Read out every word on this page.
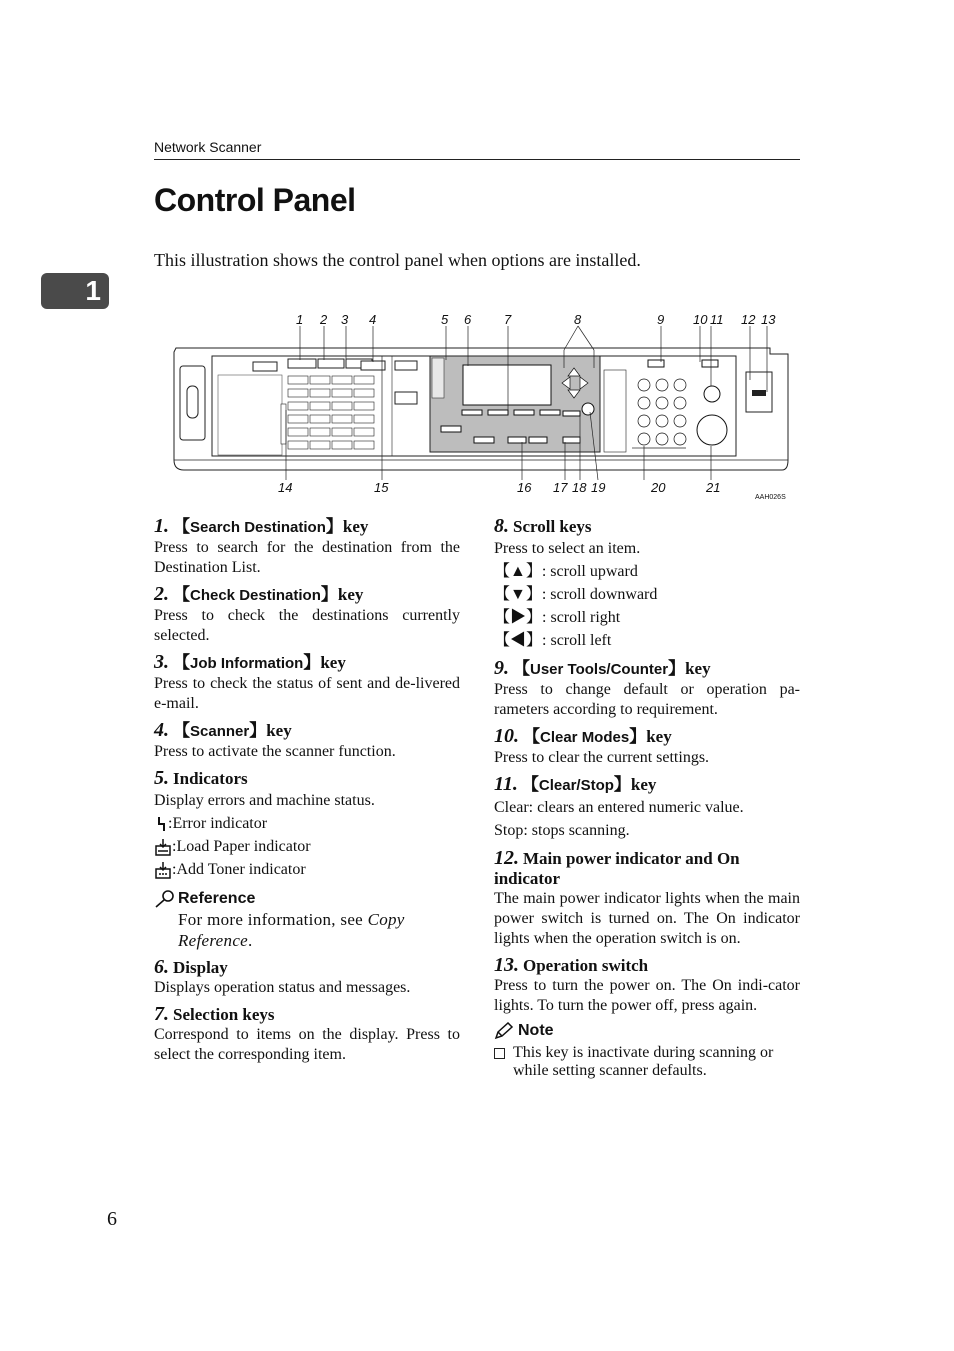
1
Network Scanner
Control Panel
This illustration shows the control panel when options are installed.
1 2 3 4	5 6	7	8	9 10 11 12 13
14	15	16 17 18 19	20	21
AAH026S
1. 【Search Destination】key
Press to search for the destination from the Destination List.
2. 【Check Destination】key
Press to check the destinations currently selected.
3. 【Job Information】key
Press to check the status of sent and de-livered e-mail.
4. 【Scanner】key
Press to activate the scanner function.
5. Indicators
Display errors and machine status.
:Error indicator
:Load Paper indicator
:Add Toner indicator
Reference
For more information, see Copy Reference.
6. Display
Displays operation status and messages.
7. Selection keys
Correspond to items on the display. Press to select the corresponding item.
8. Scroll keys
Press to select an item.
【▲】: scroll upward
【▼】: scroll downward
【▶】: scroll right
【◀】: scroll left
9. 【User Tools/Counter】key
Press to change default or operation pa-rameters according to requirement.
10. 【Clear Modes】key
Press to clear the current settings.
11. 【Clear/Stop】key
Clear: clears an entered numeric value.
Stop: stops scanning.
12. Main power indicator and On indicator
The main power indicator lights when the main power switch is turned on. The On indicator lights when the operation switch is on.
13. Operation switch
Press to turn the power on. The On indi-cator lights. To turn the power off, press again.
Note
This key is inactivate during scanning or while setting scanner defaults.
6
